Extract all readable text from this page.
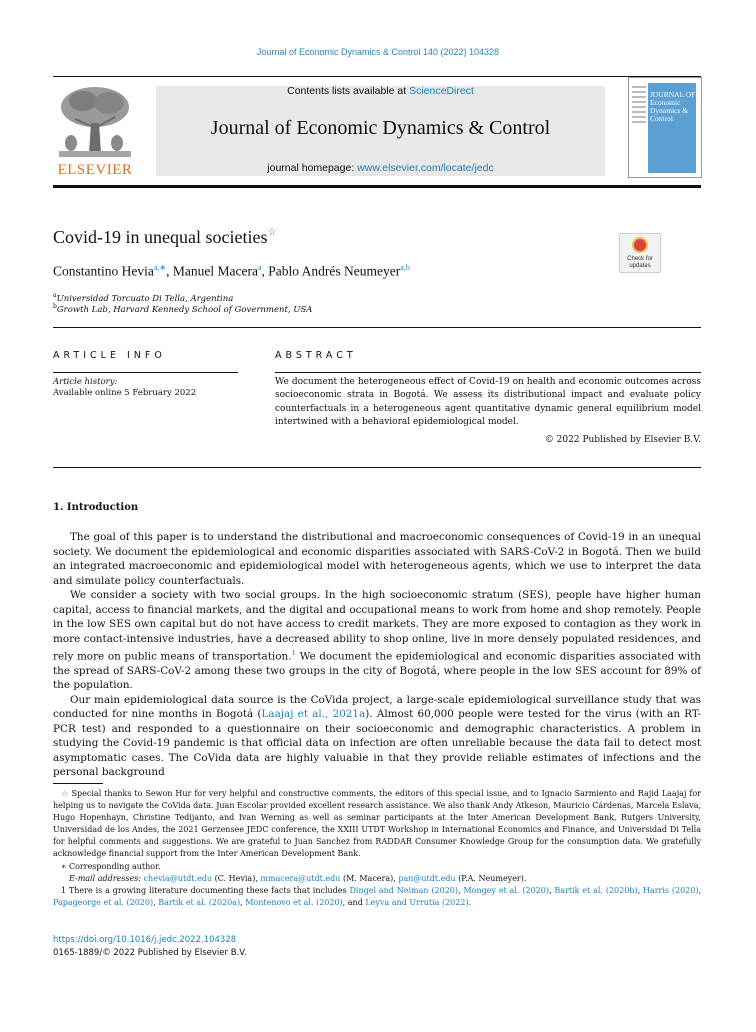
Journal of Economic Dynamics & Control 140 (2022) 104328
ELSEVIER
Contents lists available at ScienceDirect
Journal of Economic Dynamics & Control
journal homepage: www.elsevier.com/locate/jedc
JOURNAL OF Economic Dynamics & Control
Covid-19 in unequal societies☆
Check for updates
Constantino Hevia$^{a,∗}$, Manuel Macera$^a$, Pablo Andrés Neumeyer$^{a,b}$
$^a$Universidad Torcuato Di Tella, Argentina
$^b$Growth Lab, Harvard Kennedy School of Government, USA
ARTICLE INFO
Article history:
Available online 5 February 2022
ABSTRACT
We document the heterogeneous effect of Covid-19 on health and economic outcomes across socioeconomic strata in Bogotá. We assess its distributional impact and evaluate policy counterfactuals in a heterogeneous agent quantitative dynamic general equilibrium model intertwined with a behavioral epidemiological model.
© 2022 Published by Elsevier B.V.
1. Introduction

The goal of this paper is to understand the distributional and macroeconomic consequences of Covid-19 in an unequal society. We document the epidemiological and economic disparities associated with SARS-CoV-2 in Bogotá. Then we build an integrated macroeconomic and epidemiological model with heterogeneous agents, which we use to interpret the data and simulate policy counterfactuals.

We consider a society with two social groups. In the high socioeconomic stratum (SES), people have higher human capital, access to financial markets, and the digital and occupational means to work from home and shop remotely. People in the low SES own capital but do not have access to credit markets. They are more exposed to contagion as they work in more contact-intensive industries, have a decreased ability to shop online, live in more densely populated residences, and rely more on public means of transportation.$^1$ We document the epidemiological and economic disparities associated with the spread of SARS-CoV-2 among these two groups in the city of Bogotá, where people in the low SES account for 89% of the population.

Our main epidemiological data source is the CoVida project, a large-scale epidemiological surveillance study that was conducted for nine months in Bogotá (Laajaj et al., 2021a). Almost 60,000 people were tested for the virus (with an RT-PCR test) and responded to a questionnaire on their socioeconomic and demographic characteristics. A problem in studying the Covid-19 pandemic is that official data on infection are often unreliable because the data fail to detect most asymptomatic cases. The CoVida data are highly valuable in that they provide reliable estimates of infections and the personal background

☆ Special thanks to Sewon Hur for very helpful and constructive comments, the editors of this special issue, and to Ignacio Sarmiento and Rajid Laajaj for helping us to navigate the CoVida data. Juan Escolar provided excellent research assistance. We also thank Andy Atkeson, Mauricio Cárdenas, Marcela Eslava, Hugo Hopenhayn, Christine Tedijanto, and Ivan Werning as well as seminar participants at the Inter American Development Bank, Rutgers University, Universidad de los Andes, the 2021 Gerzensee JEDC conference, the XXIII UTDT Workshop in International Economics and Finance, and Universidad Di Tella for helpful comments and suggestions. We are grateful to Juan Sanchez from RADDAR Consumer Knowledge Group for the consumption data. We gratefully acknowledge financial support from the Inter American Development Bank.

∗ Corresponding author.

E-mail addresses: chevia@utdt.edu (C. Hevia), mmacera@utdt.edu (M. Macera), pan@utdt.edu (P.A. Neumeyer).

1 There is a growing literature documenting these facts that includes Dingel and Neiman (2020), Mongey et al. (2020), Bartik et al. (2020b), Harris (2020), Papageorge et al. (2020), Bartik et al. (2020a), Montenovo et al. (2020), and Leyva and Urrutia (2022).

https://doi.org/10.1016/j.jedc.2022.104328
0165-1889/© 2022 Published by Elsevier B.V.
